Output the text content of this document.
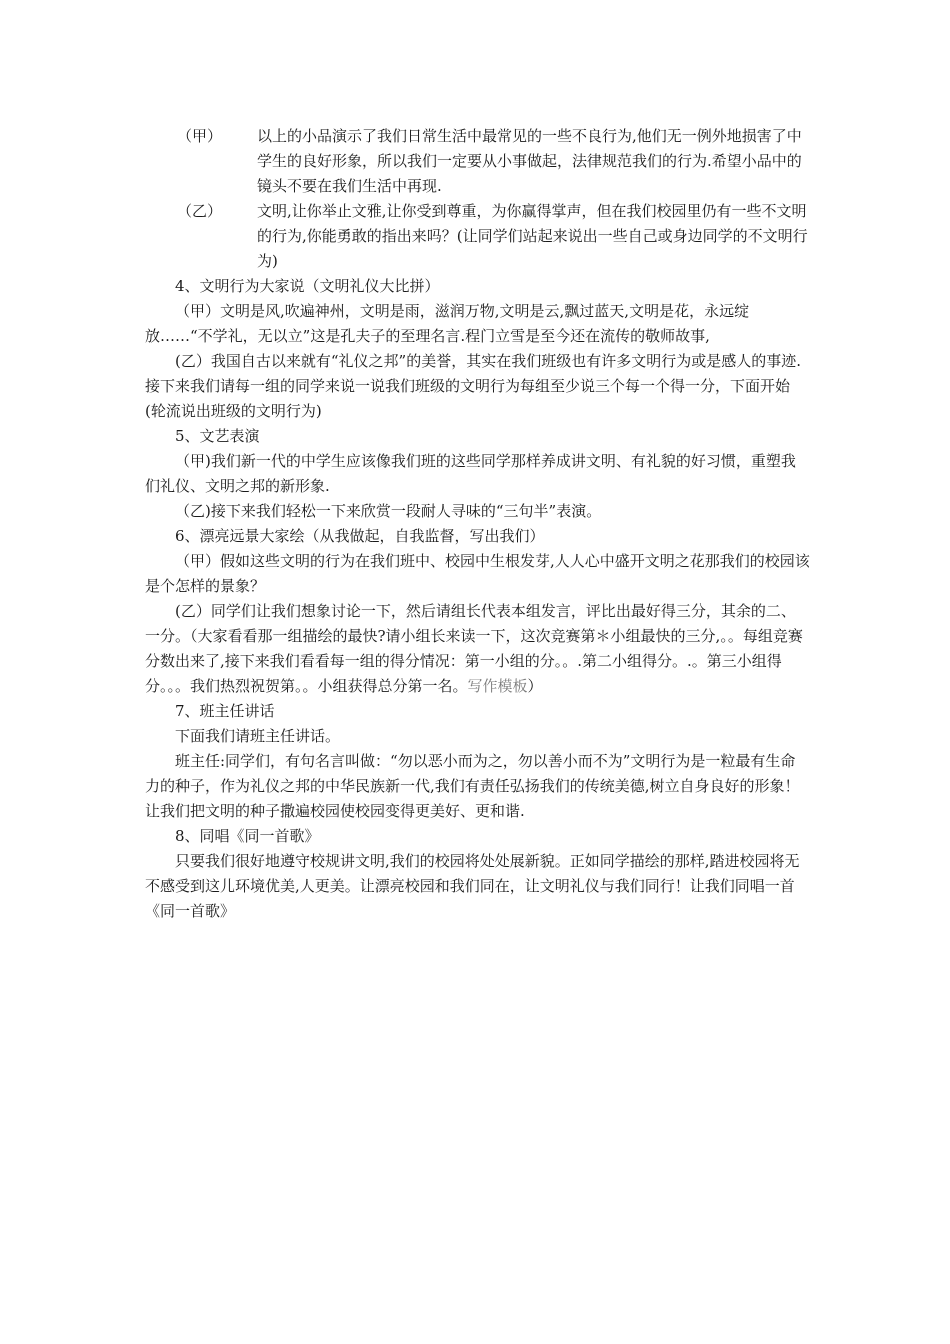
（甲）	以上的小品演示了我们日常生活中最常见的一些不良行为,他们无一例外地损害了中学生的良好形象，所以我们一定要从小事做起，法律规范我们的行为.希望小品中的镜头不要在我们生活中再现.
（乙）	文明,让你举止文雅,让你受到尊重，为你赢得掌声，但在我们校园里仍有一些不文明的行为,你能勇敢的指出来吗？(让同学们站起来说出一些自己或身边同学的不文明行为)

4、文明行为大家说（文明礼仪大比拼）

（甲）文明是风,吹遍神州，文明是雨，滋润万物,文明是云,飘过蓝天,文明是花，永远绽放……“不学礼，无以立”这是孔夫子的至理名言.程门立雪是至今还在流传的敬师故事,

(乙）我国自古以来就有“礼仪之邦”的美誉，其实在我们班级也有许多文明行为或是感人的事迹.接下来我们请每一组的同学来说一说我们班级的文明行为每组至少说三个每一个得一分，下面开始(轮流说出班级的文明行为)

5、文艺表演

（甲)我们新一代的中学生应该像我们班的这些同学那样养成讲文明、有礼貌的好习惯，重塑我们礼仪、文明之邦的新形象.

（乙)接下来我们轻松一下来欣赏一段耐人寻味的“三句半”表演。

6、漂亮远景大家绘（从我做起，自我监督，写出我们）

（甲）假如这些文明的行为在我们班中、校园中生根发芽,人人心中盛开文明之花那我们的校园该是个怎样的景象？

(乙）同学们让我们想象讨论一下，然后请组长代表本组发言，评比出最好得三分，其余的二、一分。（大家看看那一组描绘的最快?请小组长来读一下，这次竞赛第＊小组最快的三分,。。每组竞赛分数出来了,接下来我们看看每一组的得分情况：第一小组的分。。.第二小组得分。.。第三小组得分。。。我们热烈祝贺第。。小组获得总分第一名。写作模板）

7、班主任讲话

下面我们请班主任讲话。

班主任:同学们，有句名言叫做：“勿以恶小而为之，勿以善小而不为”文明行为是一粒最有生命力的种子，作为礼仪之邦的中华民族新一代,我们有责任弘扬我们的传统美德,树立自身良好的形象！让我们把文明的种子撒遍校园使校园变得更美好、更和谐.

8、同唱《同一首歌》

只要我们很好地遵守校规讲文明,我们的校园将处处展新貌。正如同学描绘的那样,踏进校园将无不感受到这儿环境优美,人更美。让漂亮校园和我们同在，让文明礼仪与我们同行！让我们同唱一首《同一首歌》
